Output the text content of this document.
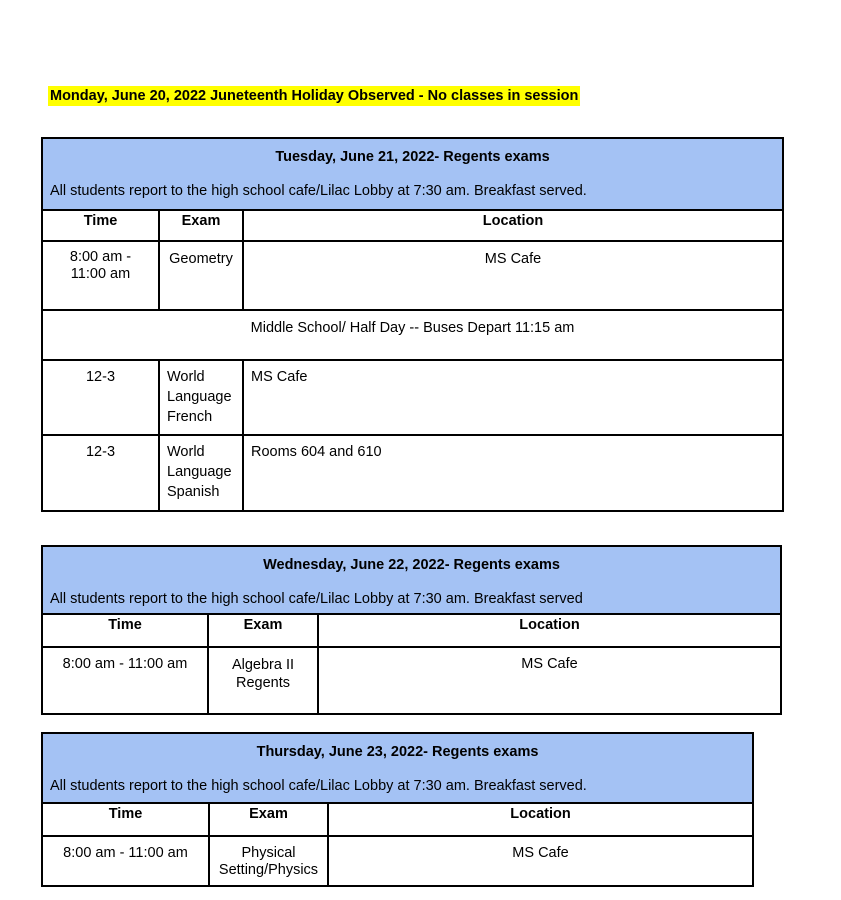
Monday, June 20, 2022 Juneteenth Holiday Observed - No classes in session
Tuesday, June 21, 2022- Regents exams
All students report to the high school cafe/Lilac Lobby at 7:30 am. Breakfast served.		

Time	Exam	Location

8:00 am - 11:00 am	Geometry	MS Cafe

Middle School/ Half Day -- Buses Depart 11:15 am		

12-3	World Language French	MS Cafe

12-3	World Language Spanish	Rooms 604 and 610
Wednesday, June 22, 2022- Regents exams
All students report to the high school cafe/Lilac Lobby at 7:30 am. Breakfast served		

Time	Exam	Location

8:00 am - 11:00 am	Algebra II Regents	MS Cafe
Thursday, June 23, 2022- Regents exams
All students report to the high school cafe/Lilac Lobby at 7:30 am. Breakfast served.		

Time	Exam	Location

8:00 am - 11:00 am	Physical Setting/Physics	MS Cafe
